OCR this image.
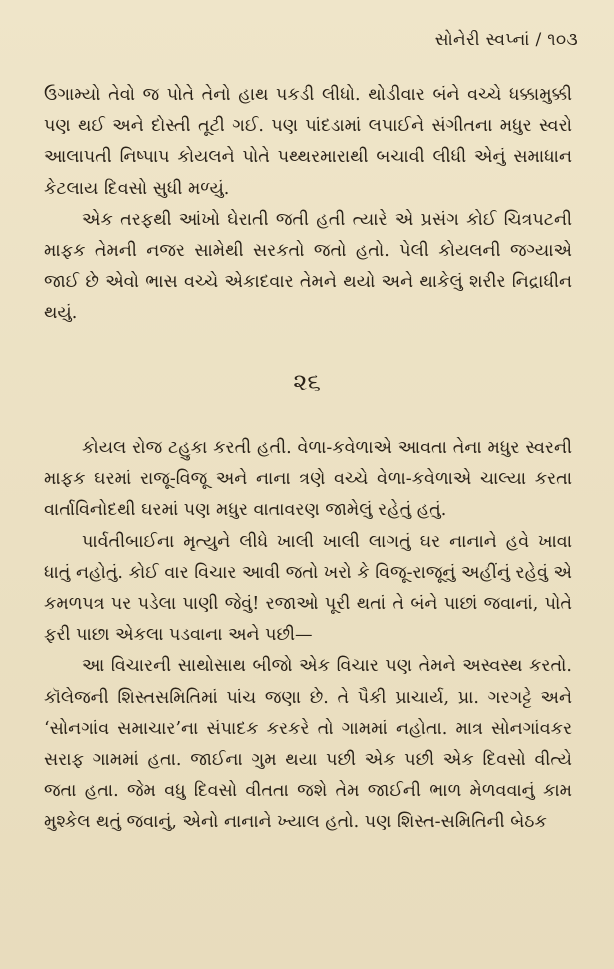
સોનેરી સ્વપ્નાં / ૧૦૩

ઉગામ્યો તેવો જ પોતે તેનો હાથ પકડી લીધો. થોડીવાર બંને વચ્ચે ધક્કામુક્કી પણ થઈ અને દોસ્તી તૂટી ગઈ. પણ પાંદડામાં લપાઈને સંગીતના મધુર સ્વરો આલાપતી નિષ્પાપ કોયલને પોતે પથ્થરમારાથી બચાવી લીધી એનું સમાધાન કેટલાય દિવસો સુધી મળ્યું.

એક તરફથી આંખો ઘેરાતી જતી હતી ત્યારે એ પ્રસંગ કોઈ ચિત્રપટની માફક તેમની નજર સામેથી સરકતો જતો હતો. પેલી કોયલની જગ્યાએ જાઈ છે એવો ભાસ વચ્ચે એકાદવાર તેમને થયો અને થાકેલું શરીર નિદ્રાધીન થયું.

૨૬

કોયલ રોજ ટહુકા કરતી હતી. વેળા-કવેળાએ આવતા તેના મધુર સ્વરની માફક ઘરમાં રાજૂ-વિજૂ અને નાના ત્રણે વચ્ચે વેળા-કવેળાએ ચાલ્યા કરતા વાર્તાવિનોદથી ઘરમાં પણ મધુર વાતાવરણ જામેલું રહેતું હતું.

પાર્વતીબાઈના મૃત્યુને લીધે ખાલી ખાલી લાગતું ઘર નાનાને હવે ખાવા ધાતું નહોતું. કોઈ વાર વિચાર આવી જતો ખરો કે વિજૂ-રાજૂનું અહીંનું રહેવું એ કમળપત્ર પર પડેલા પાણી જેવું! રજાઓ પૂરી થતાં તે બંને પાછાં જવાનાં, પોતે ફરી પાછા એકલા પડવાના અને પછી—

આ વિચારની સાથોસાથ બીજો એક વિચાર પણ તેમને અસ્વસ્થ કરતો. કૉલેજની શિસ્તસમિતિમાં પાંચ જણા છે. તે પૈકી પ્રાચાર્ય, પ્રા. ગરગટ્ટે અને ‘સોનગાંવ સમાચાર’ના સંપાદક કરકરે તો ગામમાં નહોતા. માત્ર સોનગાંવકર સરાફ ગામમાં હતા. જાઈના ગુમ થયા પછી એક પછી એક દિવસો વીત્યે જતા હતા. જેમ વધુ દિવસો વીતતા જશે તેમ જાઈની ભાળ મેળવવાનું કામ મુશ્કેલ થતું જવાનું, એનો નાનાને ખ્યાલ હતો. પણ શિસ્ત-સમિતિની બેઠક
